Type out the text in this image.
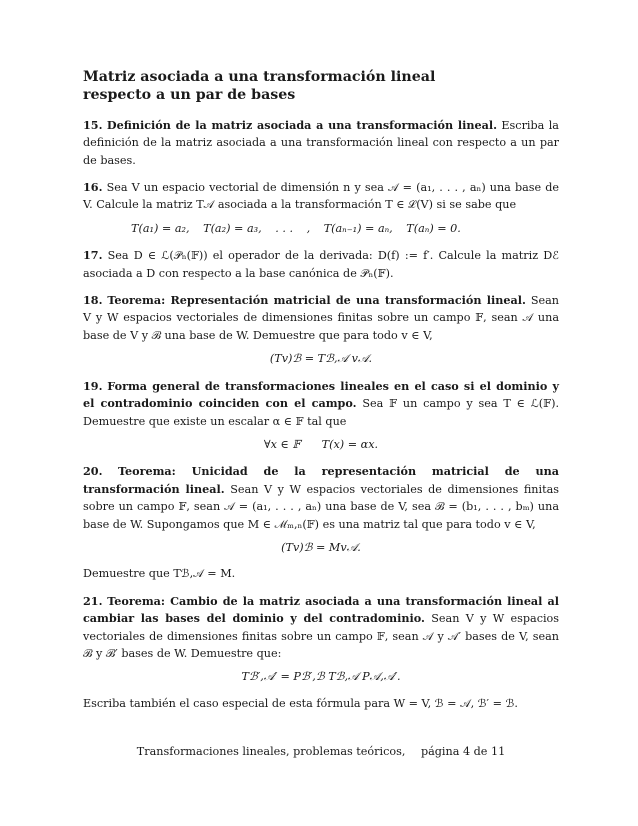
Matriz asociada a una transformación lineal
respecto a un par de bases
15. Definición de la matriz asociada a una transformación lineal. Escriba la definición de la matriz asociada a una transformación lineal con respecto a un par de bases.
16. Sea V un espacio vectorial de dimensión n y sea 𝒜 = (a₁, . . . , aₙ) una base de V. Calcule la matriz T𝒜 asociada a la transformación T ∈ ℒ(V) si se sabe que
T(a₁) = a₂, T(a₂) = a₃, . . . , T(aₙ₋₁) = aₙ, T(aₙ) = 0.
17. Sea D ∈ ℒ(𝒫ₙ(𝔽)) el operador de la derivada: D(f) := f′. Calcule la matriz Dℰ asociada a D con respecto a la base canónica de 𝒫ₙ(𝔽).
18. Teorema: Representación matricial de una transformación lineal. Sean V y W espacios vectoriales de dimensiones finitas sobre un campo 𝔽, sean 𝒜 una base de V y ℬ una base de W. Demuestre que para todo v ∈ V,
(Tv)ℬ = Tℬ,𝒜 v𝒜.
19. Forma general de transformaciones lineales en el caso si el dominio y el contradominio coinciden con el campo. Sea 𝔽 un campo y sea T ∈ ℒ(𝔽). Demuestre que existe un escalar α ∈ 𝔽 tal que
∀x ∈ 𝔽      T(x) = αx.
20. Teorema: Unicidad de la representación matricial de una transformación lineal. Sean V y W espacios vectoriales de dimensiones finitas sobre un campo 𝔽, sean 𝒜 = (a₁, . . . , aₙ) una base de V, sea ℬ = (b₁, . . . , bₘ) una base de W. Supongamos que M ∈ ℳₘ,ₙ(𝔽) es una matriz tal que para todo v ∈ V,
(Tv)ℬ = Mv𝒜.
Demuestre que Tℬ,𝒜 = M.
21. Teorema: Cambio de la matriz asociada a una transformación lineal al cambiar las bases del dominio y del contradominio. Sean V y W espacios vectoriales de dimensiones finitas sobre un campo 𝔽, sean 𝒜 y 𝒜′ bases de V, sean ℬ y ℬ′ bases de W. Demuestre que:
Tℬ′,𝒜′ = Pℬ′,ℬ Tℬ,𝒜 P𝒜,𝒜′.
Escriba también el caso especial de esta fórmula para W = V, ℬ = 𝒜, ℬ′ = ℬ.
Transformaciones lineales, problemas teóricos, página 4 de 11
